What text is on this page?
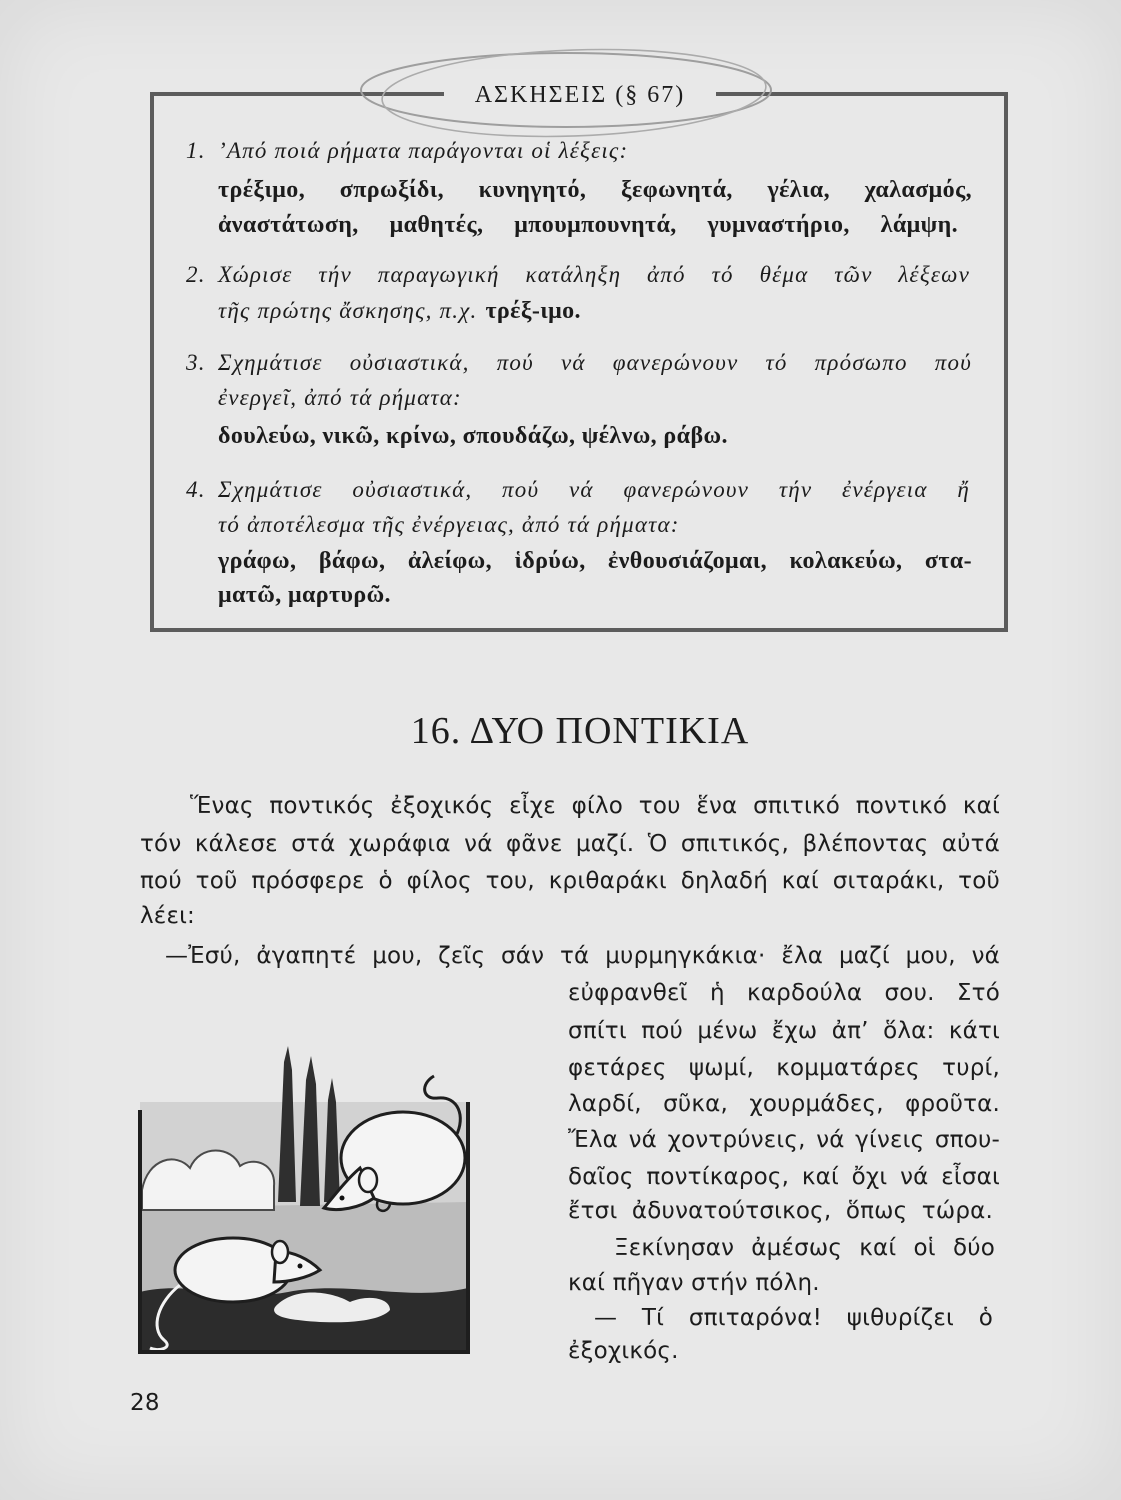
ΑΣΚΗΣΕΙΣ (§ 67)
1. ’Από ποιά ρήματα παράγονται οἱ λέξεις:
τρέξιμο, σπρωξίδι, κυνηγητό, ξεφωνητά, γέλια, χαλασμός,
ἀναστάτωση, μαθητές, μπουμπουνητά, γυμναστήριο, λάμψη.
2. Χώρισε τήν παραγωγική κατάληξη ἀπό τό θέμα τῶν λέξεων
τῆς πρώτης ἄσκησης, π.χ. τρέξ-ιμο.
3. Σχημάτισε οὐσιαστικά, πού νά φανερώνουν τό πρόσωπο πού
ἐνεργεῖ, ἀπό τά ρήματα:
δουλεύω, νικῶ, κρίνω, σπουδάζω, ψέλνω, ράβω.
4. Σχημάτισε οὐσιαστικά, πού νά φανερώνουν τήν ἐνέργεια ἤ
τό ἀποτέλεσμα τῆς ἐνέργειας, ἀπό τά ρήματα:
γράφω, βάφω, ἀλείφω, ἱδρύω, ἐνθουσιάζομαι, κολακεύω, στα-
ματῶ, μαρτυρῶ.
16. ΔΥΟ ΠΟΝΤΙΚΙΑ
Ἕνας ποντικός ἐξοχικός εἶχε φίλο του ἕνα σπιτικό ποντικό καί
τόν κάλεσε στά χωράφια νά φᾶνε μαζί. Ὁ σπιτικός, βλέποντας αὐτά
πού τοῦ πρόσφερε ὁ φίλος του, κριθαράκι δηλαδή καί σιταράκι, τοῦ
λέει:
—Ἐσύ, ἀγαπητέ μου, ζεῖς σάν τά μυρμηγκάκια· ἔλα μαζί μου, νά
εὐφρανθεῖ ἡ καρδούλα σου. Στό
σπίτι πού μένω ἔχω ἀπ’ ὅλα: κάτι
φετάρες ψωμί, κομματάρες τυρί,
λαρδί, σῦκα, χουρμάδες, φροῦτα.
Ἔλα νά χοντρύνεις, νά γίνεις σπου-
δαῖος ποντίκαρος, καί ὄχι νά εἶσαι
ἔτσι ἀδυνατούτσικος, ὅπως τώρα.
Ξεκίνησαν ἀμέσως καί οἱ δύο
καί πῆγαν στήν πόλη.
— Τί σπιταρόνα! ψιθυρίζει ὁ
ἐξοχικός.
28
